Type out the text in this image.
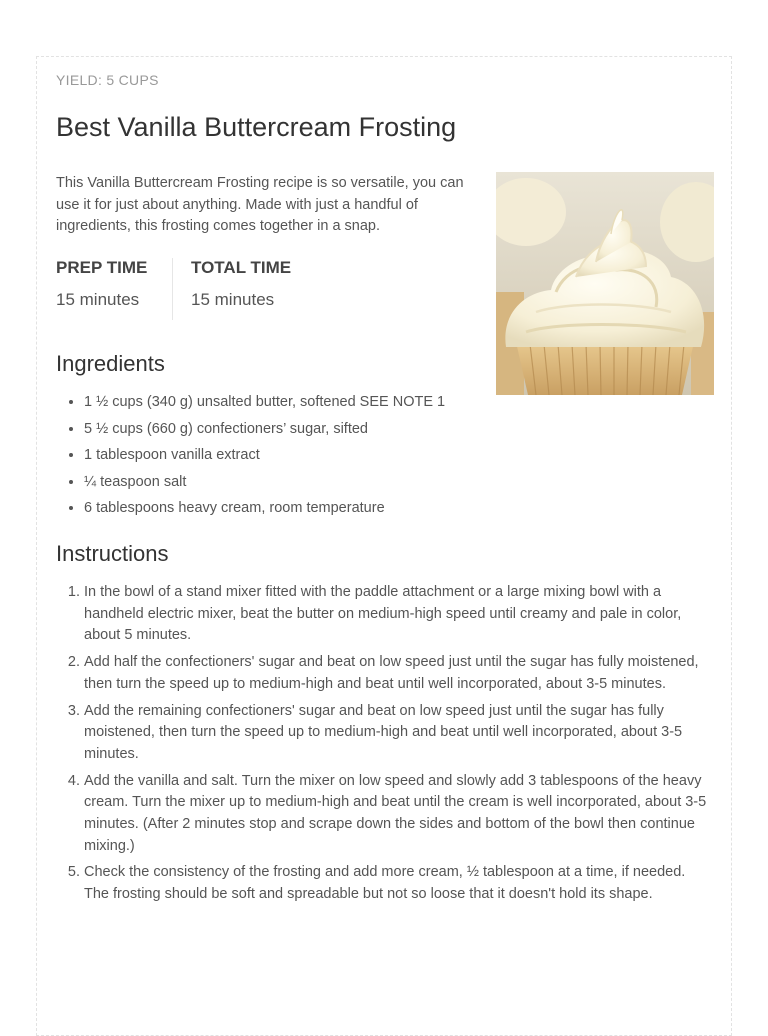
YIELD: 5 CUPS
Best Vanilla Buttercream Frosting

This Vanilla Buttercream Frosting recipe is so versatile, you can use it for just about anything. Made with just a handful of ingredients, this frosting comes together in a snap.

PREP TIME
15 minutes
TOTAL TIME
15 minutes
Ingredients
• 1 ½ cups (340 g) unsalted butter, softened SEE NOTE 1
• 5 ½ cups (660 g) confectioners’ sugar, sifted
• 1 tablespoon vanilla extract
• ¼ teaspoon salt
• 6 tablespoons heavy cream, room temperature
Instructions
1. In the bowl of a stand mixer fitted with the paddle attachment or a large mixing bowl with a handheld electric mixer, beat the butter on medium-high speed until creamy and pale in color, about 5 minutes.
2. Add half the confectioners' sugar and beat on low speed just until the sugar has fully moistened, then turn the speed up to medium-high and beat until well incorporated, about 3-5 minutes.
3. Add the remaining confectioners' sugar and beat on low speed just until the sugar has fully moistened, then turn the speed up to medium-high and beat until well incorporated, about 3-5 minutes.
4. Add the vanilla and salt. Turn the mixer on low speed and slowly add 3 tablespoons of the heavy cream. Turn the mixer up to medium-high and beat until the cream is well incorporated, about 3-5 minutes. (After 2 minutes stop and scrape down the sides and bottom of the bowl then continue mixing.)
5. Check the consistency of the frosting and add more cream, ½ tablespoon at a time, if needed. The frosting should be soft and spreadable but not so loose that it doesn't hold its shape.
